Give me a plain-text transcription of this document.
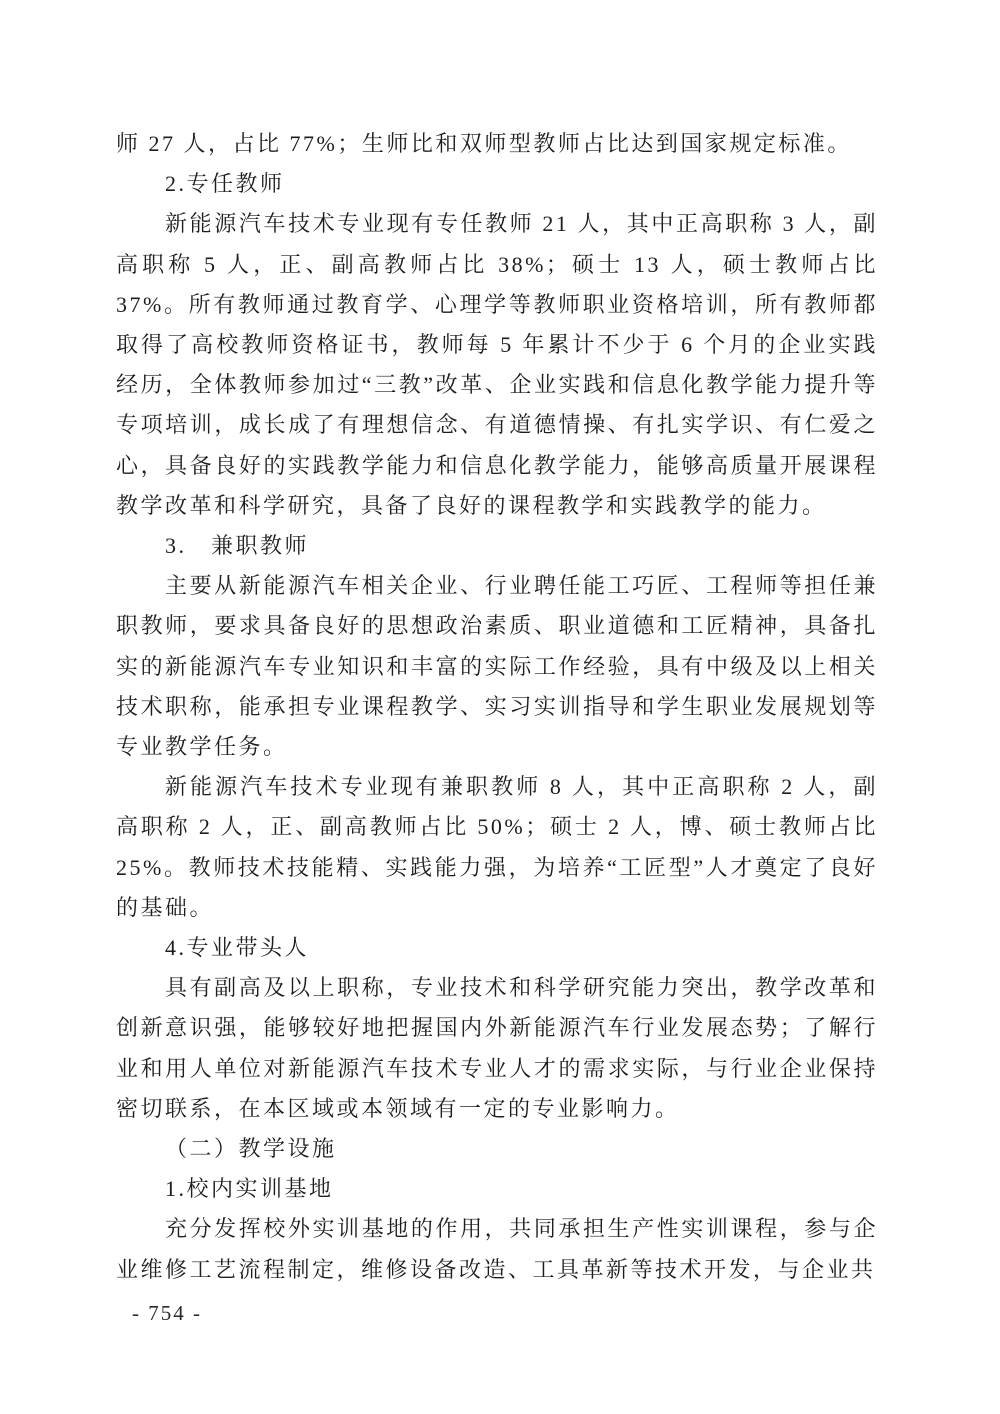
师 27 人，占比 77%；生师比和双师型教师占比达到国家规定标准。

2.专任教师

新能源汽车技术专业现有专任教师 21 人，其中正高职称 3 人，副高职称 5 人，正、副高教师占比 38%；硕士 13 人，硕士教师占比 37%。所有教师通过教育学、心理学等教师职业资格培训，所有教师都取得了高校教师资格证书，教师每 5 年累计不少于 6 个月的企业实践经历，全体教师参加过“三教”改革、企业实践和信息化教学能力提升等专项培训，成长成了有理想信念、有道德情操、有扎实学识、有仁爱之心，具备良好的实践教学能力和信息化教学能力，能够高质量开展课程教学改革和科学研究，具备了良好的课程教学和实践教学的能力。

3.　兼职教师

主要从新能源汽车相关企业、行业聘任能工巧匠、工程师等担任兼职教师，要求具备良好的思想政治素质、职业道德和工匠精神，具备扎实的新能源汽车专业知识和丰富的实际工作经验，具有中级及以上相关技术职称，能承担专业课程教学、实习实训指导和学生职业发展规划等专业教学任务。

新能源汽车技术专业现有兼职教师 8 人，其中正高职称 2 人，副高职称 2 人，正、副高教师占比 50%；硕士 2 人，博、硕士教师占比 25%。教师技术技能精、实践能力强，为培养“工匠型”人才奠定了良好的基础。

4.专业带头人

具有副高及以上职称，专业技术和科学研究能力突出，教学改革和创新意识强，能够较好地把握国内外新能源汽车行业发展态势；了解行业和用人单位对新能源汽车技术专业人才的需求实际，与行业企业保持密切联系，在本区域或本领域有一定的专业影响力。

（二）教学设施

1.校内实训基地

充分发挥校外实训基地的作用，共同承担生产性实训课程，参与企业维修工艺流程制定，维修设备改造、工具革新等技术开发，与企业共

- 754 -
